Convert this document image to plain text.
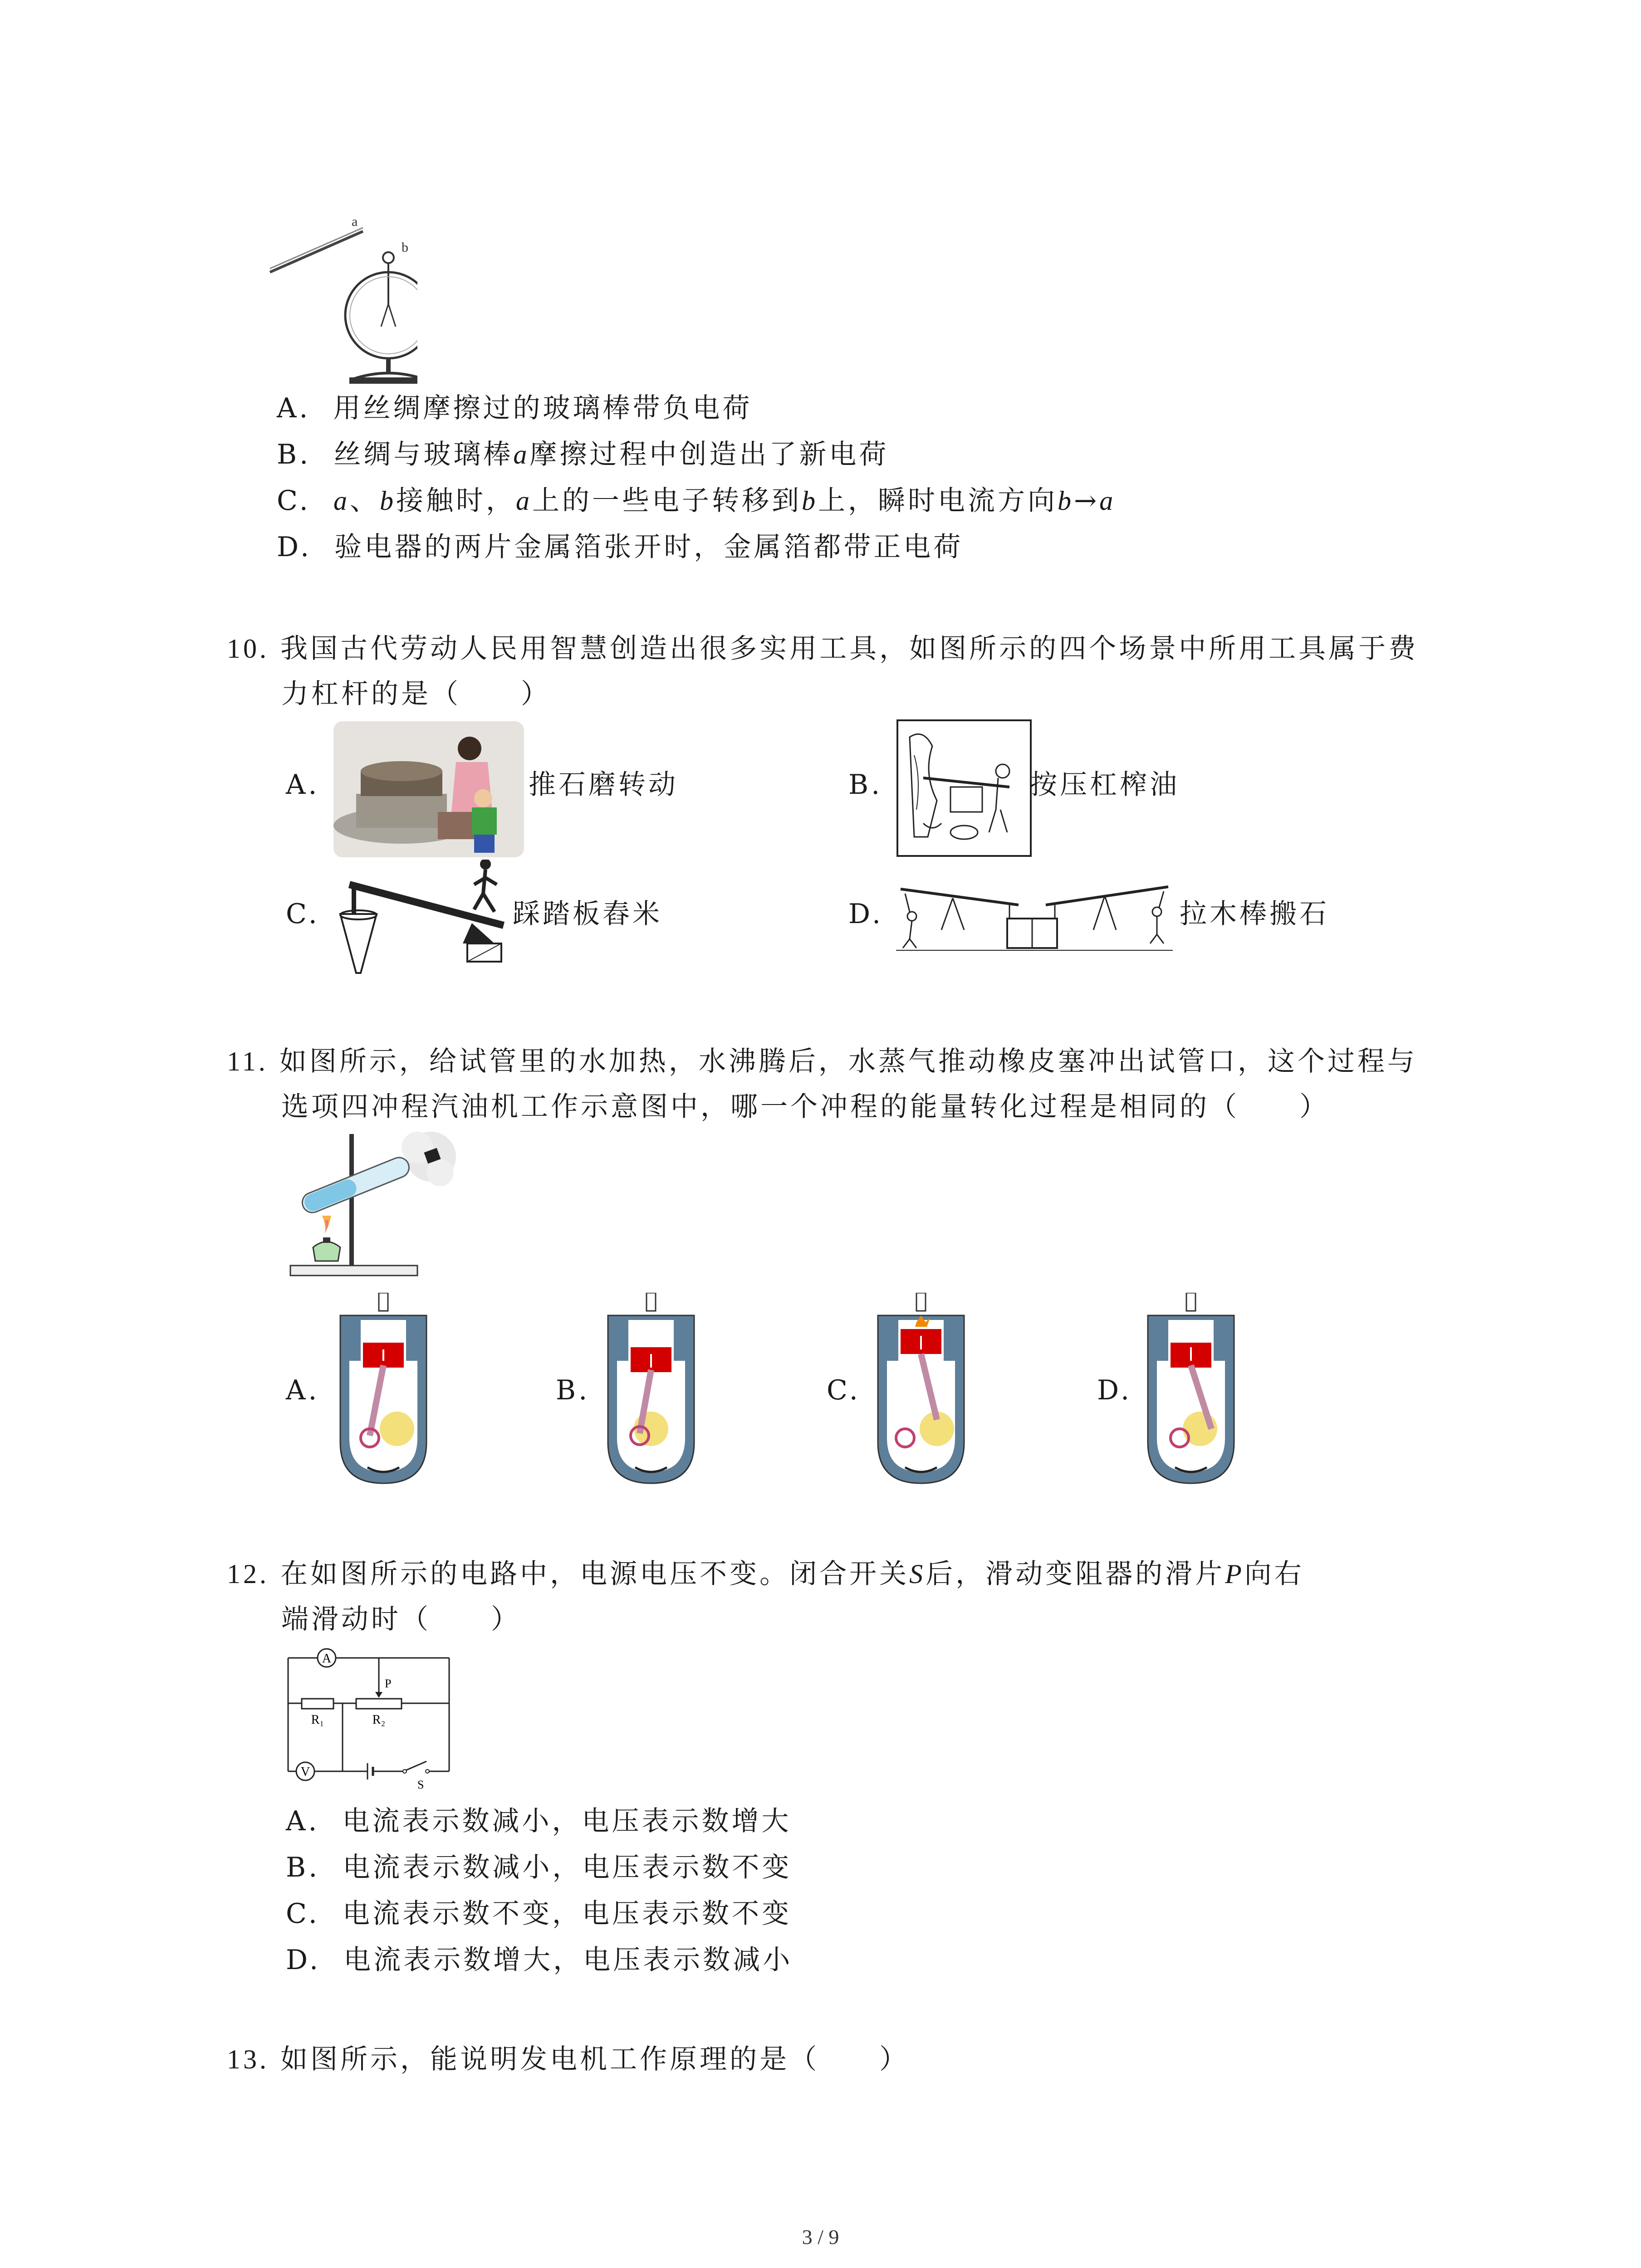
a
b
A. 用丝绸摩擦过的玻璃棒带负电荷
B. 丝绸与玻璃棒a摩擦过程中创造出了新电荷
C. a、b接触时，a上的一些电子转移到b上，瞬时电流方向b→a
D. 验电器的两片金属箔张开时，金属箔都带正电荷
10. 我国古代劳动人民用智慧创造出很多实用工具，如图所示的四个场景中所用工具属于费
力杠杆的是（　　）
A.	推石磨转动	B.	按压杠榨油
C.	踩踏板舂米	D.	拉木棒搬石
11. 如图所示，给试管里的水加热，水沸腾后，水蒸气推动橡皮塞冲出试管口，这个过程与
选项四冲程汽油机工作示意图中，哪一个冲程的能量转化过程是相同的（　　）
A.	B.	C.	D.
12. 在如图所示的电路中，电源电压不变。闭合开关S后，滑动变阻器的滑片P向右
端滑动时（　　）
A
R₁	R₂
P
V
S
A. 电流表示数减小，电压表示数增大
B. 电流表示数减小，电压表示数不变
C. 电流表示数不变，电压表示数不变
D. 电流表示数增大，电压表示数减小
13. 如图所示，能说明发电机工作原理的是（　　）
3 / 9
